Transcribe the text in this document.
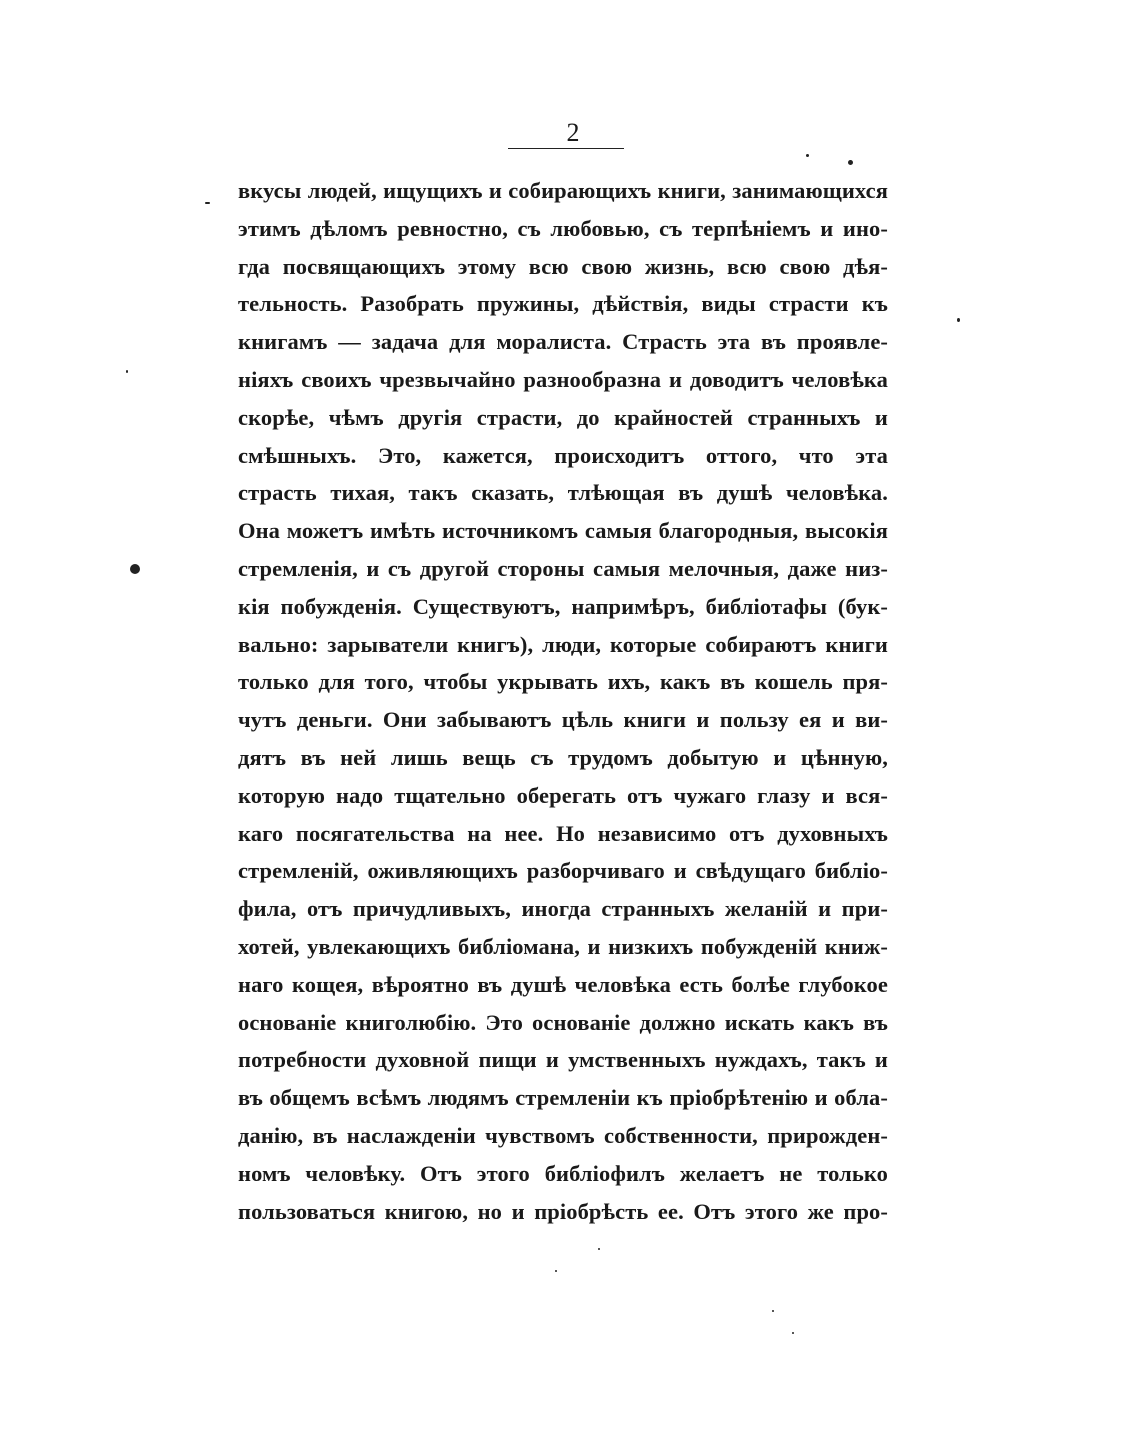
2
вкусы людей, ищущихъ и собирающихъ книги, занимающихся
этимъ дѣломъ ревностно, съ любовью, съ терпѣніемъ и ино-
гда посвящающихъ этому всю свою жизнь, всю свою дѣя-
тельность. Разобрать пружины, дѣйствія, виды страсти къ
книгамъ — задача для моралиста. Страсть эта въ проявле-
ніяхъ своихъ чрезвычайно разнообразна и доводитъ человѣка
скорѣе, чѣмъ другія страсти, до крайностей странныхъ и
смѣшныхъ. Это, кажется, происходитъ оттого, что эта
страсть тихая, такъ сказать, тлѣющая въ душѣ человѣка.
Она можетъ имѣть источникомъ самыя благородныя, высокія
стремленія, и съ другой стороны самыя мелочныя, даже низ-
кія побужденія. Существуютъ, напримѣръ, библіотафы (бук-
вально: зарыватели книгъ), люди, которые собираютъ книги
только для того, чтобы укрывать ихъ, какъ въ кошель пря-
чутъ деньги. Они забываютъ цѣль книги и пользу ея и ви-
дятъ въ ней лишь вещь съ трудомъ добытую и цѣнную,
которую надо тщательно оберегать отъ чужаго глазу и вся-
каго посягательства на нее. Но независимо отъ духовныхъ
стремленій, оживляющихъ разборчиваго и свѣдущаго библіо-
фила, отъ причудливыхъ, иногда странныхъ желаній и при-
хотей, увлекающихъ библіомана, и низкихъ побужденій книж-
наго кощея, вѣроятно въ душѣ человѣка есть болѣе глубокое
основаніе книголюбію. Это основаніе должно искать какъ въ
потребности духовной пищи и умственныхъ нуждахъ, такъ и
въ общемъ всѣмъ людямъ стремленіи къ пріобрѣтенію и обла-
данію, въ наслажденіи чувствомъ собственности, прирожден-
номъ человѣку. Отъ этого библіофилъ желаетъ не только
пользоваться книгою, но и пріобрѣсть ее. Отъ этого же про-
